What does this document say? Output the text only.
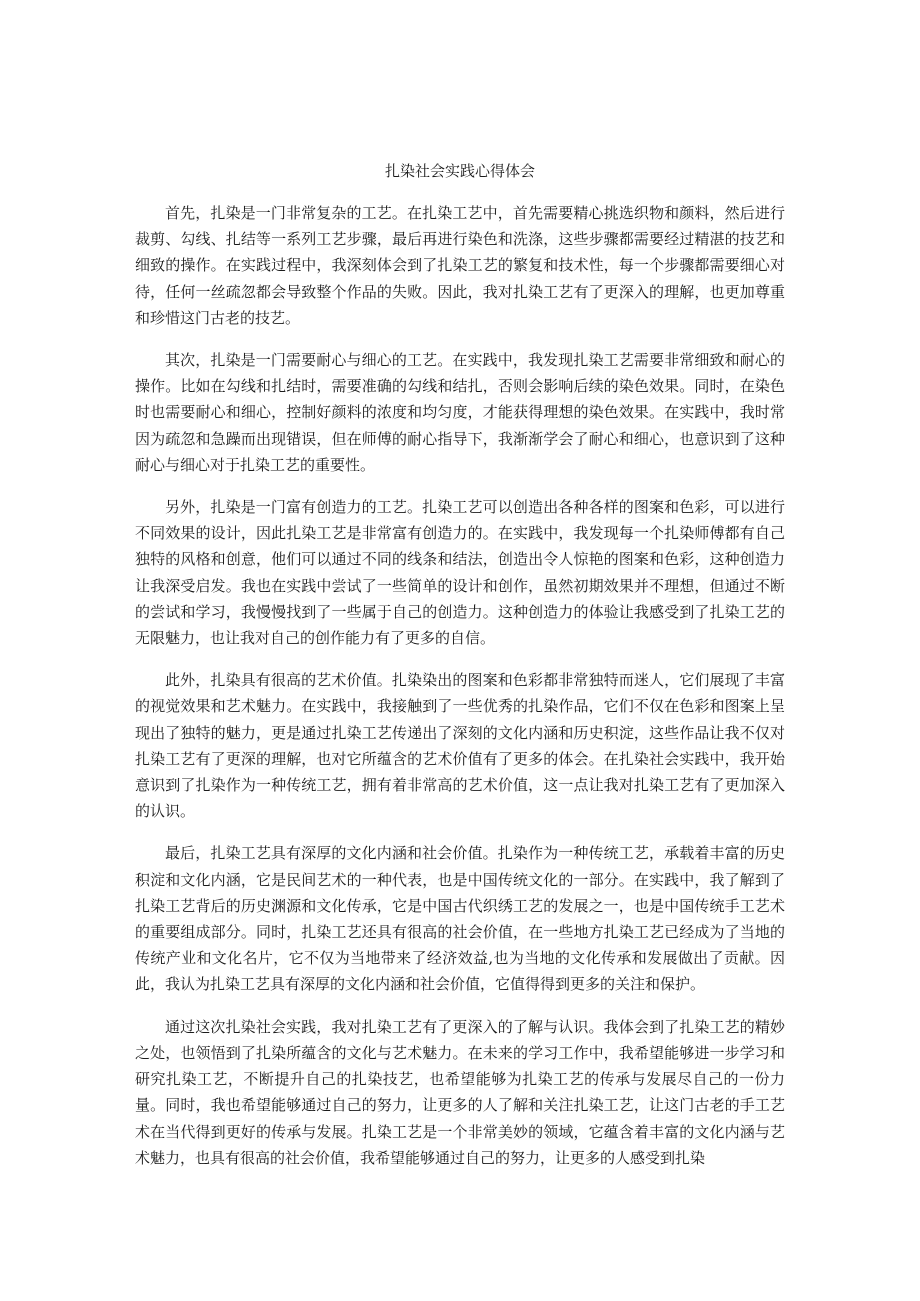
扎染社会实践心得体会

首先，扎染是一门非常复杂的工艺。在扎染工艺中，首先需要精心挑选织物和颜料，然后进行裁剪、勾线、扎结等一系列工艺步骤，最后再进行染色和洗涤，这些步骤都需要经过精湛的技艺和细致的操作。在实践过程中，我深刻体会到了扎染工艺的繁复和技术性，每一个步骤都需要细心对待，任何一丝疏忽都会导致整个作品的失败。因此，我对扎染工艺有了更深入的理解，也更加尊重和珍惜这门古老的技艺。

其次，扎染是一门需要耐心与细心的工艺。在实践中，我发现扎染工艺需要非常细致和耐心的操作。比如在勾线和扎结时，需要准确的勾线和结扎，否则会影响后续的染色效果。同时，在染色时也需要耐心和细心，控制好颜料的浓度和均匀度，才能获得理想的染色效果。在实践中，我时常因为疏忽和急躁而出现错误，但在师傅的耐心指导下，我渐渐学会了耐心和细心，也意识到了这种耐心与细心对于扎染工艺的重要性。

另外，扎染是一门富有创造力的工艺。扎染工艺可以创造出各种各样的图案和色彩，可以进行不同效果的设计，因此扎染工艺是非常富有创造力的。在实践中，我发现每一个扎染师傅都有自己独特的风格和创意，他们可以通过不同的线条和结法，创造出令人惊艳的图案和色彩，这种创造力让我深受启发。我也在实践中尝试了一些简单的设计和创作，虽然初期效果并不理想，但通过不断的尝试和学习，我慢慢找到了一些属于自己的创造力。这种创造力的体验让我感受到了扎染工艺的无限魅力，也让我对自己的创作能力有了更多的自信。

此外，扎染具有很高的艺术价值。扎染染出的图案和色彩都非常独特而迷人，它们展现了丰富的视觉效果和艺术魅力。在实践中，我接触到了一些优秀的扎染作品，它们不仅在色彩和图案上呈现出了独特的魅力，更是通过扎染工艺传递出了深刻的文化内涵和历史积淀，这些作品让我不仅对扎染工艺有了更深的理解，也对它所蕴含的艺术价值有了更多的体会。在扎染社会实践中，我开始意识到了扎染作为一种传统工艺，拥有着非常高的艺术价值，这一点让我对扎染工艺有了更加深入的认识。

最后，扎染工艺具有深厚的文化内涵和社会价值。扎染作为一种传统工艺，承载着丰富的历史积淀和文化内涵，它是民间艺术的一种代表，也是中国传统文化的一部分。在实践中，我了解到了扎染工艺背后的历史渊源和文化传承，它是中国古代织绣工艺的发展之一，也是中国传统手工艺术的重要组成部分。同时，扎染工艺还具有很高的社会价值，在一些地方扎染工艺已经成为了当地的传统产业和文化名片，它不仅为当地带来了经济效益,也为当地的文化传承和发展做出了贡献。因此，我认为扎染工艺具有深厚的文化内涵和社会价值，它值得得到更多的关注和保护。

通过这次扎染社会实践，我对扎染工艺有了更深入的了解与认识。我体会到了扎染工艺的精妙之处，也领悟到了扎染所蕴含的文化与艺术魅力。在未来的学习工作中，我希望能够进一步学习和研究扎染工艺，不断提升自己的扎染技艺，也希望能够为扎染工艺的传承与发展尽自己的一份力量。同时，我也希望能够通过自己的努力，让更多的人了解和关注扎染工艺，让这门古老的手工艺术在当代得到更好的传承与发展。扎染工艺是一个非常美妙的领域，它蕴含着丰富的文化内涵与艺术魅力，也具有很高的社会价值，我希望能够通过自己的努力，让更多的人感受到扎染
